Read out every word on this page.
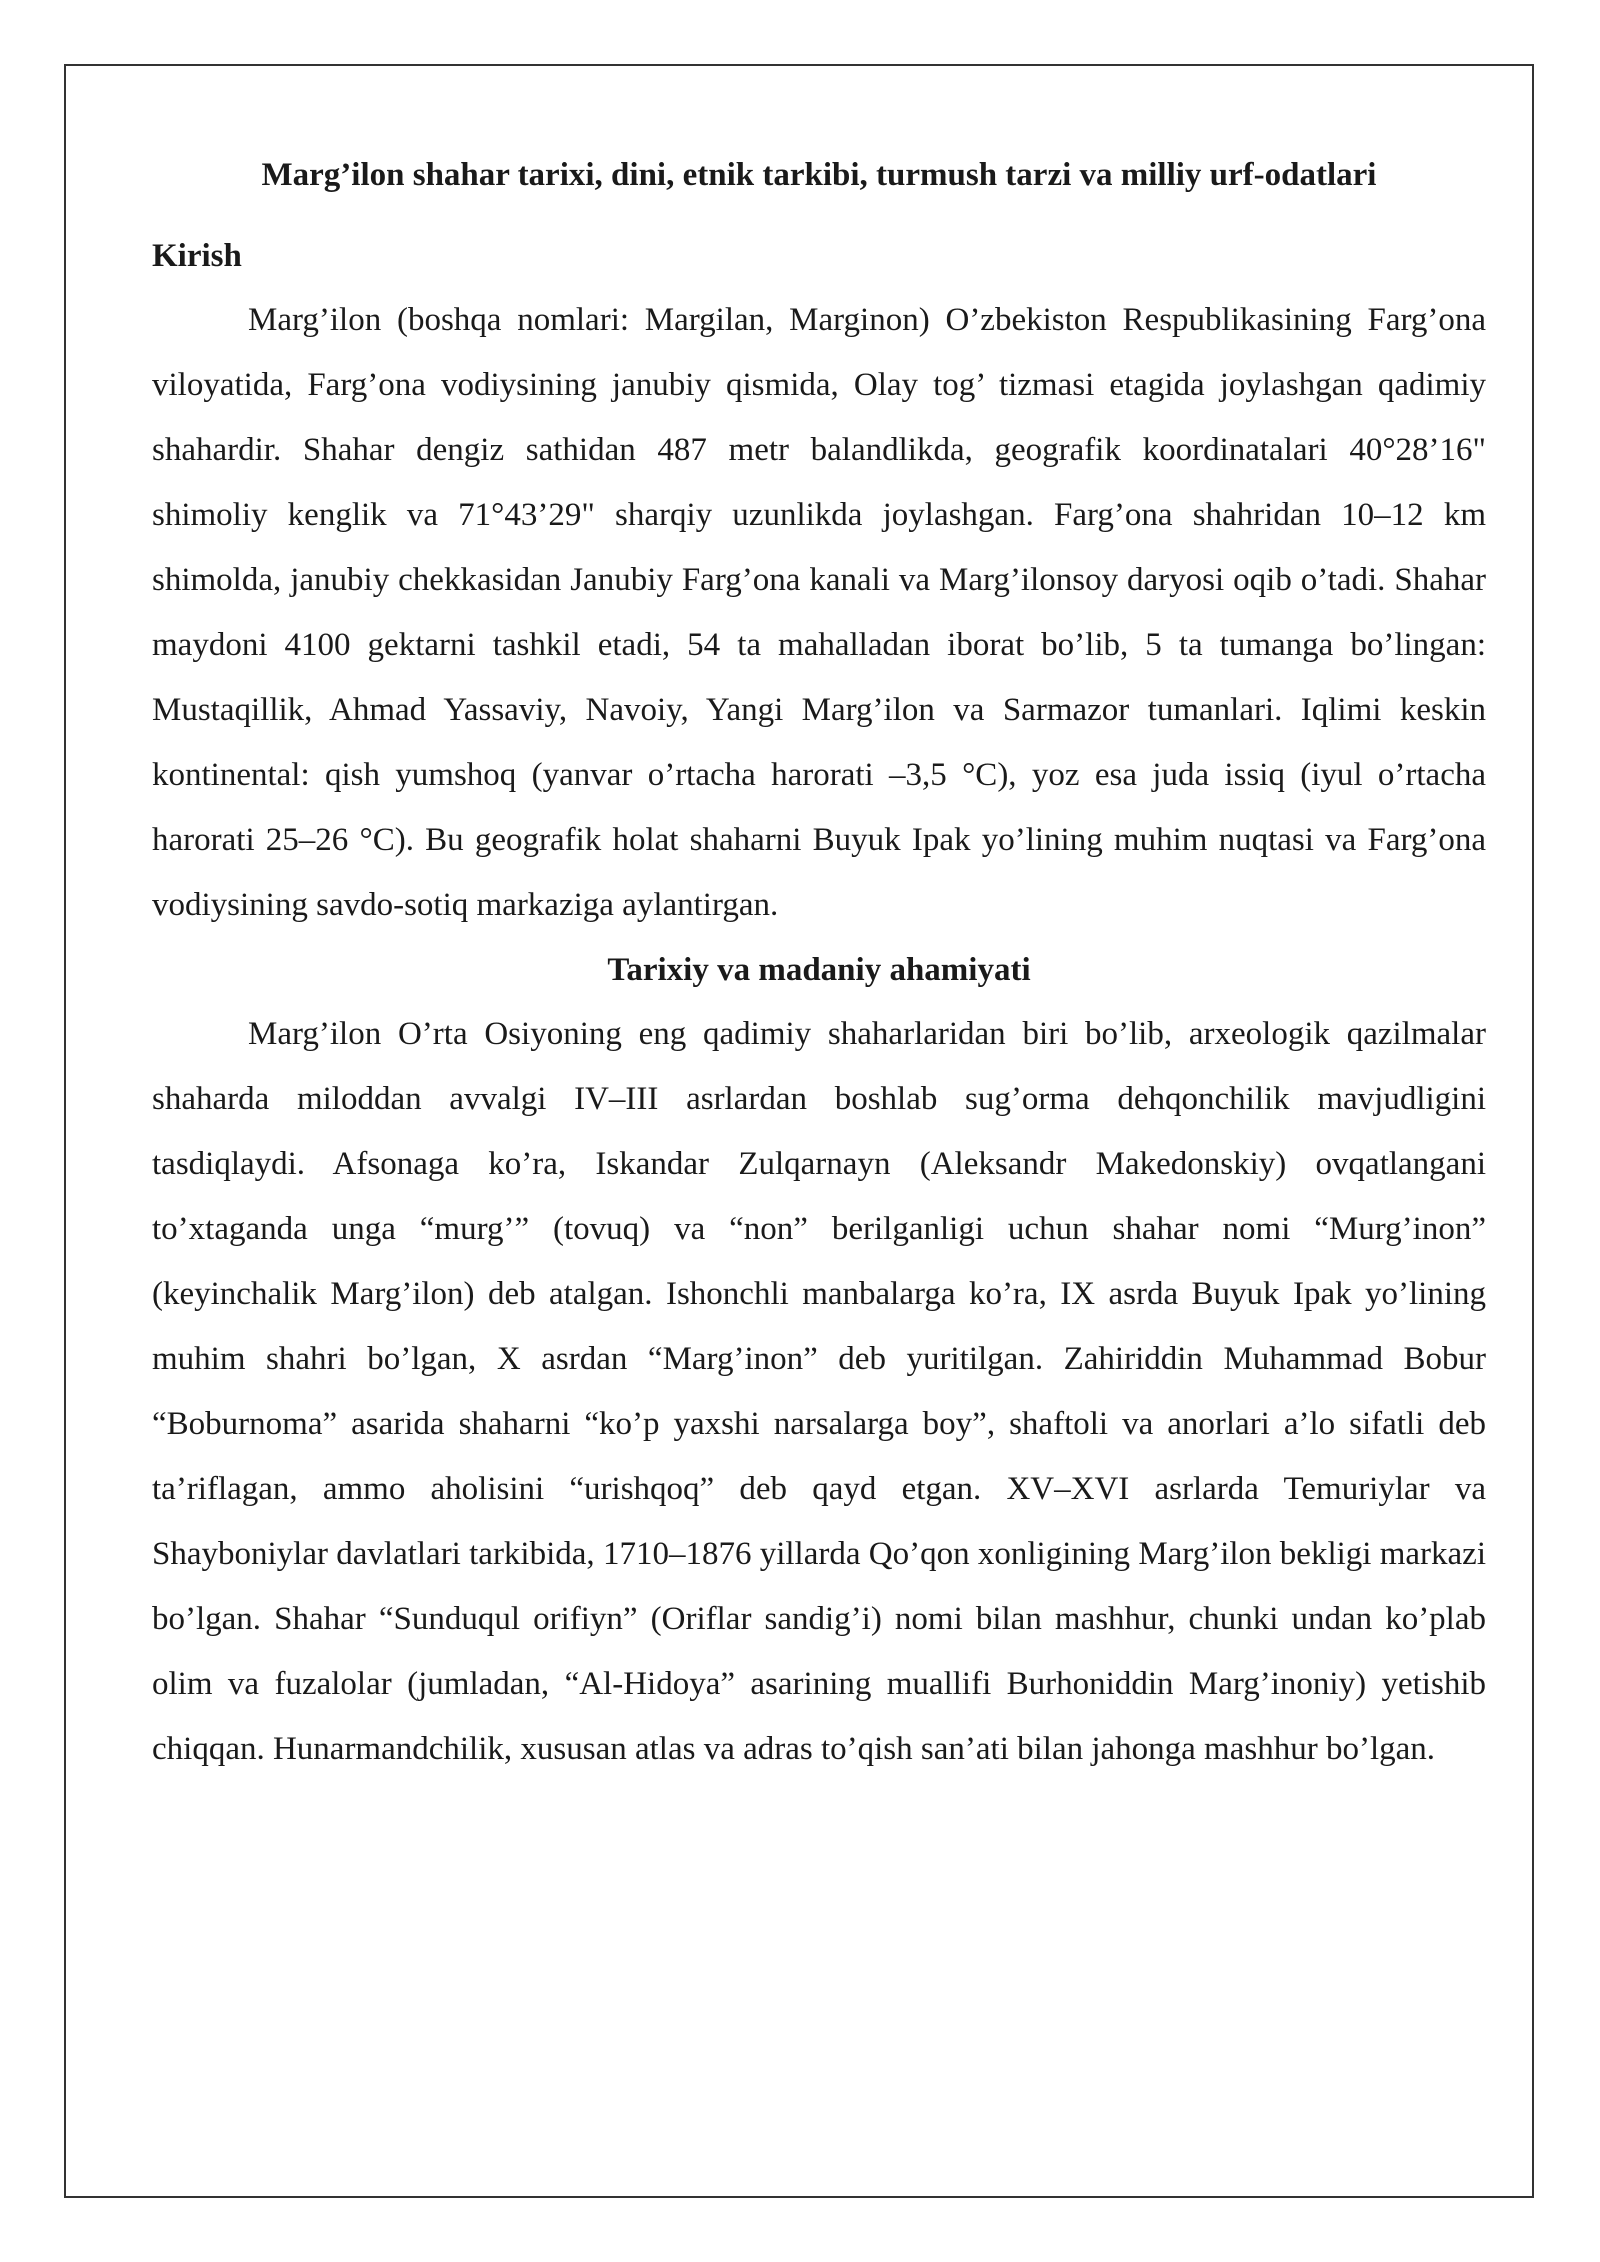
Marg’ilon shahar tarixi, dini, etnik tarkibi, turmush tarzi va milliy urf-odatlari
Kirish

Marg’ilon (boshqa nomlari: Margilan, Marginon) O’zbekiston Respublikasining Farg’ona viloyatida, Farg’ona vodiysining janubiy qismida, Olay tog’ tizmasi etagida joylashgan qadimiy shahardir. Shahar dengiz sathidan 487 metr balandlikda, geografik koordinatalari 40°28’16" shimoliy kenglik va 71°43’29" sharqiy uzunlikda joylashgan. Farg’ona shahridan 10–12 km shimolda, janubiy chekkasidan Janubiy Farg’ona kanali va Marg’ilonsoy daryosi oqib o’tadi. Shahar maydoni 4100 gektarni tashkil etadi, 54 ta mahalladan iborat bo’lib, 5 ta tumanga bo’lingan: Mustaqillik, Ahmad Yassaviy, Navoiy, Yangi Marg’ilon va Sarmazor tumanlari. Iqlimi keskin kontinental: qish yumshoq (yanvar o’rtacha harorati –3,5 °C), yoz esa juda issiq (iyul o’rtacha harorati 25–26 °C). Bu geografik holat shaharni Buyuk Ipak yo’lining muhim nuqtasi va Farg’ona vodiysining savdo-sotiq markaziga aylantirgan.

Tarixiy va madaniy ahamiyati

Marg’ilon O’rta Osiyoning eng qadimiy shaharlaridan biri bo’lib, arxeologik qazilmalar shaharda miloddan avvalgi IV–III asrlardan boshlab sug’orma dehqonchilik mavjudligini tasdiqlaydi. Afsonaga ko’ra, Iskandar Zulqarnayn (Aleksandr Makedonskiy) ovqatlangani to’xtaganda unga “murg’” (tovuq) va “non” berilganligi uchun shahar nomi “Murg’inon” (keyinchalik Marg’ilon) deb atalgan. Ishonchli manbalarga ko’ra, IX asrda Buyuk Ipak yo’lining muhim shahri bo’lgan, X asrdan “Marg’inon” deb yuritilgan. Zahiriddin Muhammad Bobur “Boburnoma” asarida shaharni “ko’p yaxshi narsalarga boy”, shaftoli va anorlari a’lo sifatli deb ta’riflagan, ammo aholisini “urishqoq” deb qayd etgan. XV–XVI asrlarda Temuriylar va Shayboniylar davlatlari tarkibida, 1710–1876 yillarda Qo’qon xonligining Marg’ilon bekligi markazi bo’lgan. Shahar “Sunduqul orifiyn” (Oriflar sandig’i) nomi bilan mashhur, chunki undan ko’plab olim va fuzalolar (jumladan, “Al-Hidoya” asarining muallifi Burhoniddin Marg’inoniy) yetishib chiqqan. Hunarmandchilik, xususan atlas va adras to’qish san’ati bilan jahonga mashhur bo’lgan.
